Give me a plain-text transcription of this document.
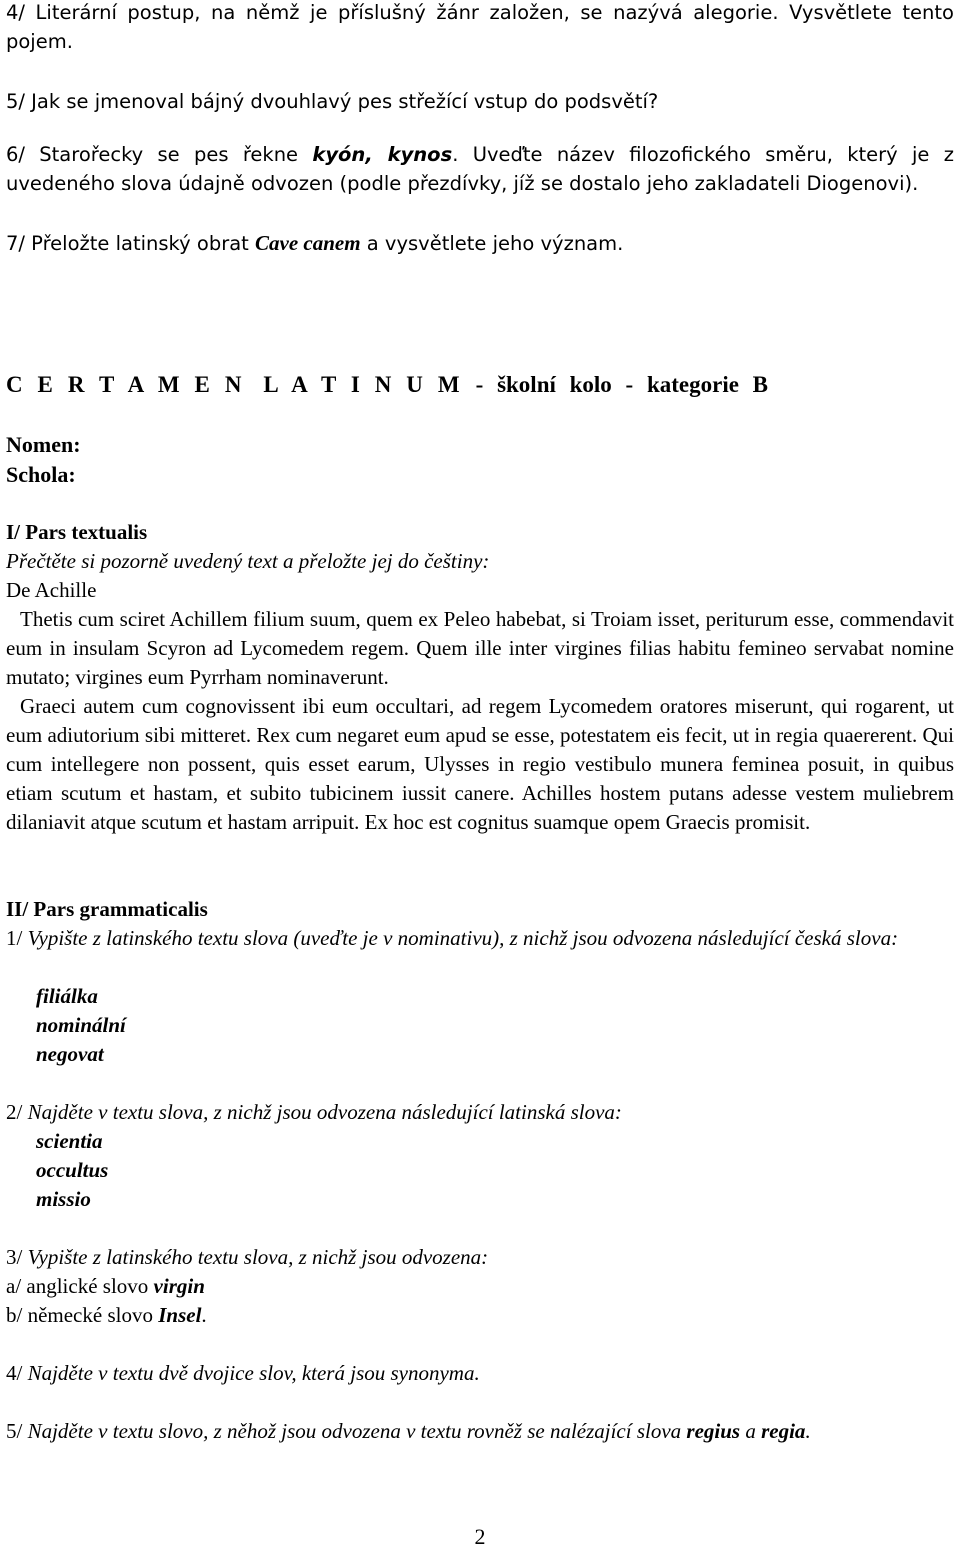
4/ Literární postup, na němž je příslušný žánr založen, se nazývá alegorie. Vysvětlete tento pojem.

5/ Jak se jmenoval bájný dvouhlavý pes střežící vstup do podsvětí?

6/ Starořecky se pes řekne kyón, kynos. Uveďte název filozofického směru, který je z uvedeného slova údajně odvozen (podle přezdívky, jíž se dostalo jeho zakladateli Diogenovi).

7/ Přeložte latinský obrat Cave canem a vysvětlete jeho význam.

C E R T A M E N L A T I N U M - školní kolo - kategorie B

Nomen:

Schola:

I/ Pars textualis

Přečtěte si pozorně uvedený text a přeložte jej do češtiny:

De Achille

Thetis cum sciret Achillem filium suum, quem ex Peleo habebat, si Troiam isset, periturum esse, commendavit eum in insulam Scyron ad Lycomedem regem. Quem ille inter virgines filias habitu femineo servabat nomine mutato; virgines eum Pyrrham nominaverunt.

Graeci autem cum cognovissent ibi eum occultari, ad regem Lycomedem oratores miserunt, qui rogarent, ut eum adiutorium sibi mitteret. Rex cum negaret eum apud se esse, potestatem eis fecit, ut in regia quaererent. Qui cum intellegere non possent, quis esset earum, Ulysses in regio vestibulo munera feminea posuit, in quibus etiam scutum et hastam, et subito tubicinem iussit canere. Achilles hostem putans adesse vestem muliebrem dilaniavit atque scutum et hastam arripuit. Ex hoc est cognitus suamque opem Graecis promisit.

II/ Pars grammaticalis

1/ Vypište z latinského textu slova (uveďte je v nominativu), z nichž jsou odvozena následující česká slova:

filiálka

nominální

negovat

2/ Najděte v textu slova, z nichž jsou odvozena následující latinská slova:

scientia

occultus

missio

3/ Vypište z latinského textu slova, z nichž jsou odvozena:

a/ anglické slovo virgin

b/ německé slovo Insel.

4/ Najděte v textu dvě dvojice slov, která jsou synonyma.

5/ Najděte v textu slovo, z něhož jsou odvozena v textu rovněž se nalézající slova regius a regia.

2
